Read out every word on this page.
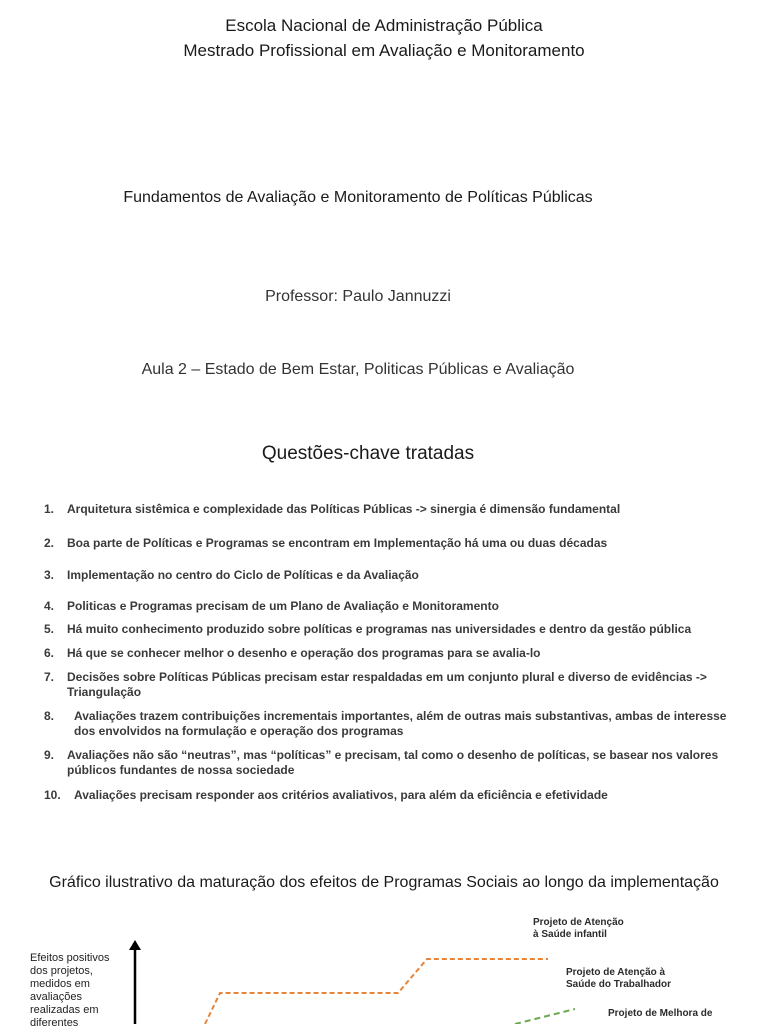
Escola Nacional de Administração Pública
Mestrado Profissional em Avaliação e Monitoramento
Fundamentos de Avaliação e Monitoramento de Políticas Públicas
Professor: Paulo Jannuzzi
Aula 2 – Estado de Bem Estar, Politicas Públicas e Avaliação
Questões-chave tratadas
1.	Arquitetura sistêmica e complexidade das Políticas Públicas -> sinergia é dimensão fundamental
2.	Boa parte de Políticas e Programas se encontram em Implementação há uma ou duas décadas
3.	Implementação no centro do Ciclo de Políticas e da Avaliação
4.	Politicas e Programas precisam de um Plano de Avaliação e Monitoramento
5.	Há muito conhecimento produzido sobre políticas e programas nas universidades e dentro da gestão pública
6.	Há que se conhecer melhor o desenho e operação dos programas para se avalia-lo
7.	Decisões sobre Políticas Públicas precisam estar respaldadas em um conjunto plural e diverso de evidências -> Triangulação
8.	Avaliações trazem contribuições incrementais importantes, além de outras mais substantivas, ambas de interesse dos envolvidos na formulação e operação dos programas
9.	Avaliações não são “neutras”, mas “políticas” e precisam, tal como o desenho de políticas, se basear nos valores públicos fundantes de nossa sociedade
10.	Avaliações precisam responder aos critérios avaliativos, para além da eficiência e efetividade
Gráfico ilustrativo da maturação dos efeitos de Programas Sociais ao longo da implementação
Efeitos positivos
dos projetos,
medidos em
avaliações
realizadas em
diferentes
Projeto de Atenção
à Saúde infantil
Projeto de Atenção à
Saúde do Trabalhador
Projeto de Melhora de
